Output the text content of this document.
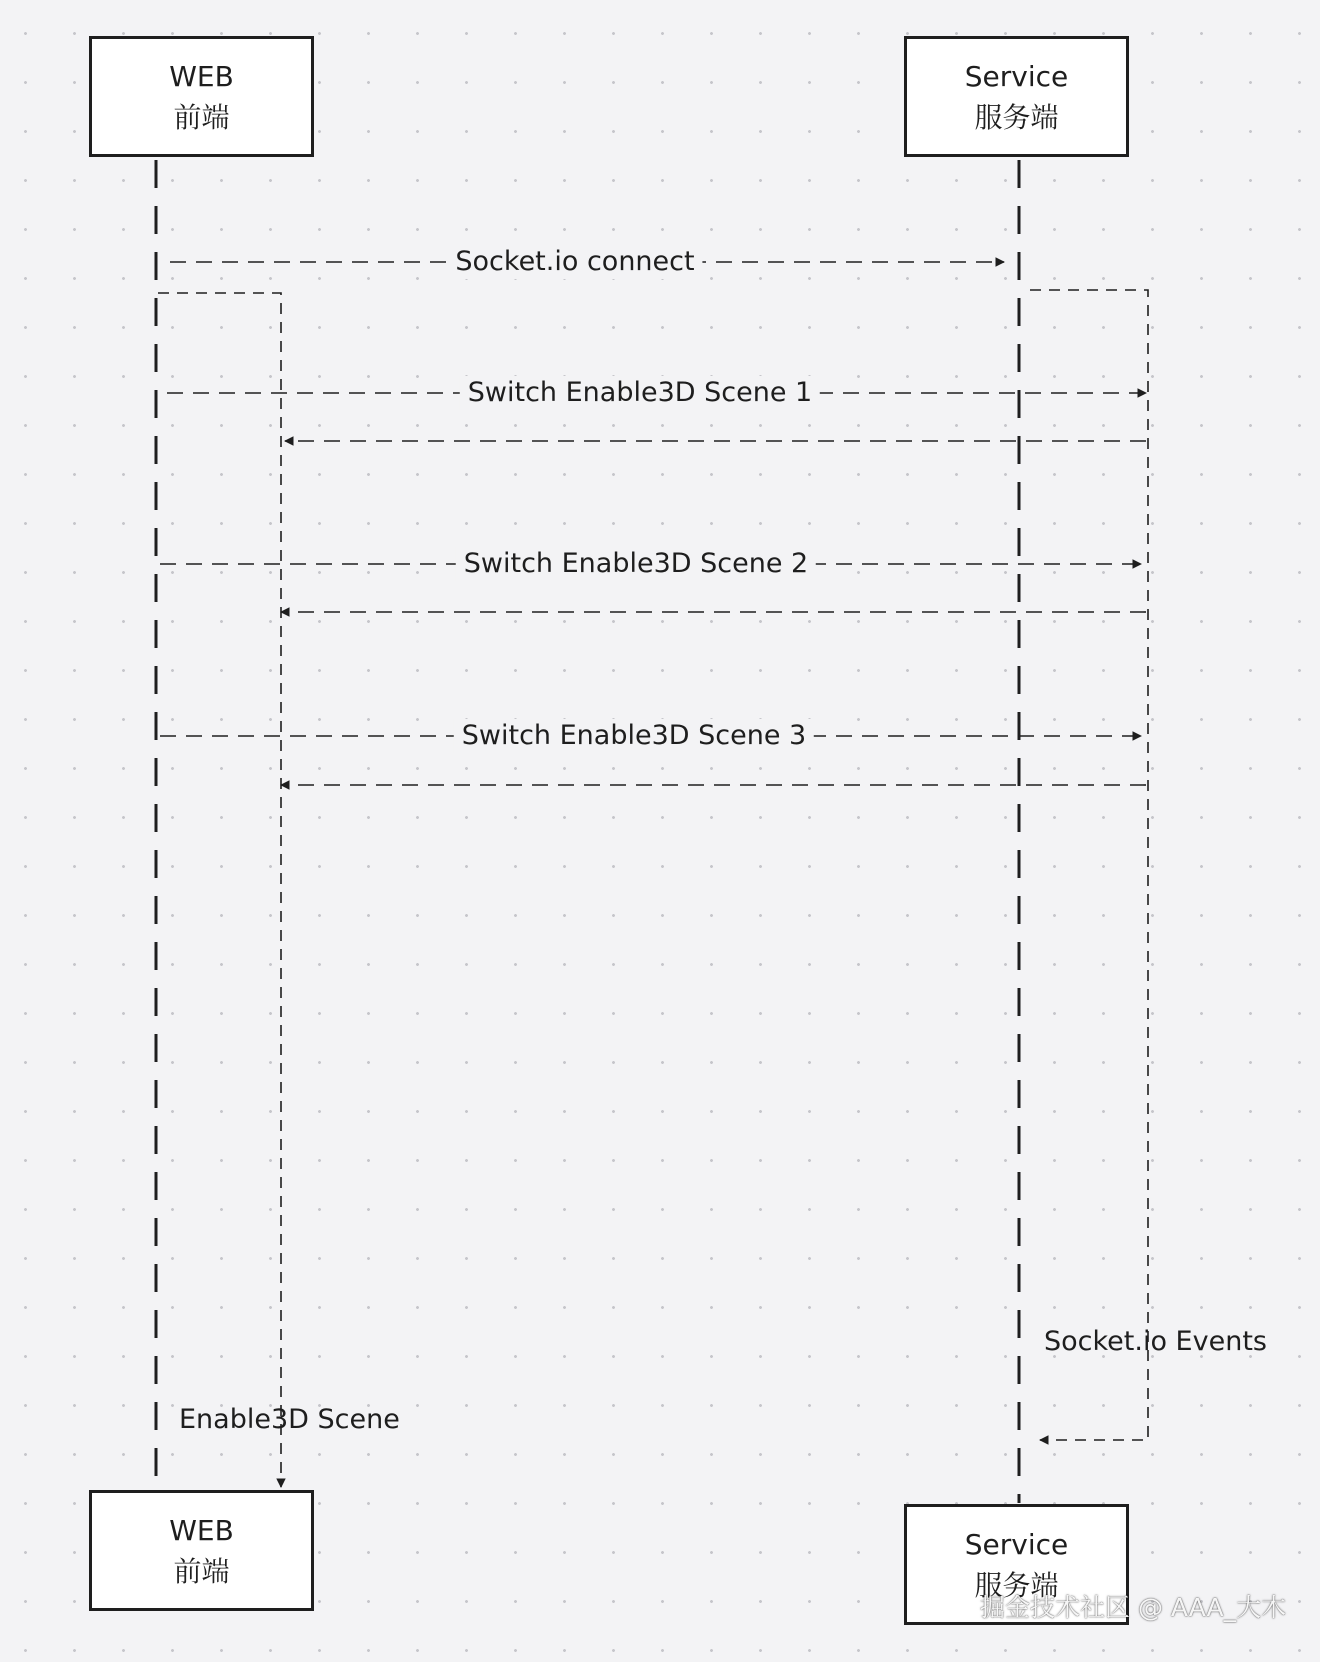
WEB
前端
Service
服务端
WEB
前端
Service
服务端
Socket.io connect
Switch Enable3D Scene 1
Switch Enable3D Scene 2
Switch Enable3D Scene 3
Enable3D Scene
Socket.io Events
掘金技术社区 @ AAA_大木
